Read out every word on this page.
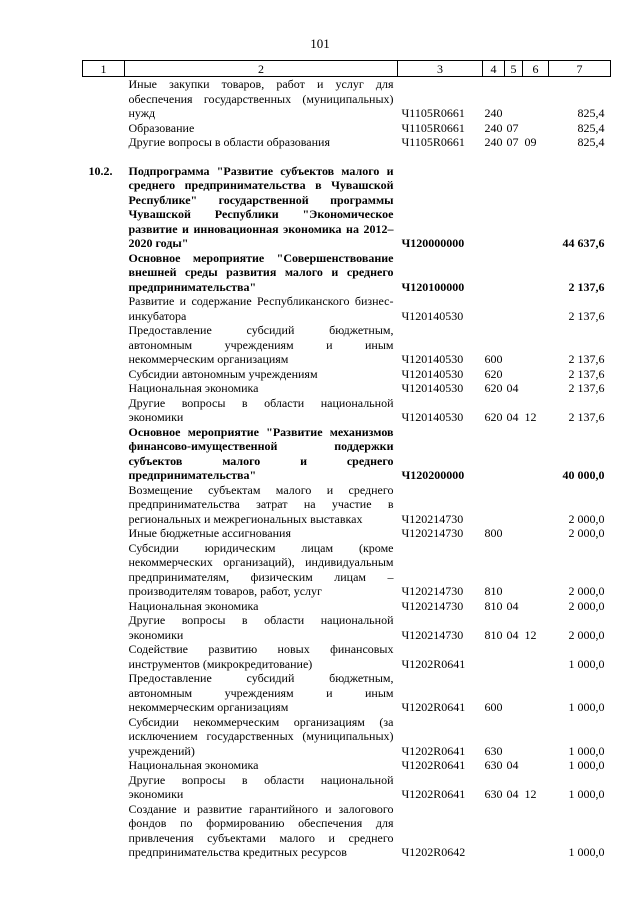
101
1	2	3	4	5	6	7
	Иные закупки товаров, работ и услуг для обеспечения государственных (муниципальных) нужд	Ч1105R0661	240			825,4
	Образование	Ч1105R0661	240	07		825,4
	Другие вопросы в области образования	Ч1105R0661	240	07	09	825,4

10.2.	Подпрограмма "Развитие субъектов малого и среднего предпринимательства в Чувашской Республике" государственной программы Чувашской Республики "Экономическое развитие и инновационная экономика на 2012–2020 годы"	Ч120000000				44 637,6
	Основное мероприятие "Совершенствование внешней среды развития малого и среднего предпринимательства"	Ч120100000				2 137,6
	Развитие и содержание Республиканского бизнес-инкубатора	Ч120140530				2 137,6
	Предоставление субсидий бюджетным, автономным учреждениям и иным некоммерческим организациям	Ч120140530	600			2 137,6
	Субсидии автономным учреждениям	Ч120140530	620			2 137,6
	Национальная экономика	Ч120140530	620	04		2 137,6
	Другие вопросы в области национальной экономики	Ч120140530	620	04	12	2 137,6
	Основное мероприятие "Развитие механизмов финансово-имущественной поддержки субъектов малого и среднего предпринимательства"	Ч120200000				40 000,0
	Возмещение субъектам малого и среднего предпринимательства затрат на участие в региональных и межрегиональных выставках	Ч120214730				2 000,0
	Иные бюджетные ассигнования	Ч120214730	800			2 000,0
	Субсидии юридическим лицам (кроме некоммерческих организаций), индивидуальным предпринимателям, физическим лицам – производителям товаров, работ, услуг	Ч120214730	810			2 000,0
	Национальная экономика	Ч120214730	810	04		2 000,0
	Другие вопросы в области национальной экономики	Ч120214730	810	04	12	2 000,0
	Содействие развитию новых финансовых инструментов (микрокредитование)	Ч1202R0641				1 000,0
	Предоставление субсидий бюджетным, автономным учреждениям и иным некоммерческим организациям	Ч1202R0641	600			1 000,0
	Субсидии некоммерческим организациям (за исключением государственных (муниципальных) учреждений)	Ч1202R0641	630			1 000,0
	Национальная экономика	Ч1202R0641	630	04		1 000,0
	Другие вопросы в области национальной экономики	Ч1202R0641	630	04	12	1 000,0
	Создание и развитие гарантийного и залогового фондов по формированию обеспечения для привлечения субъектами малого и среднего предпринимательства кредитных ресурсов	Ч1202R0642				1 000,0
